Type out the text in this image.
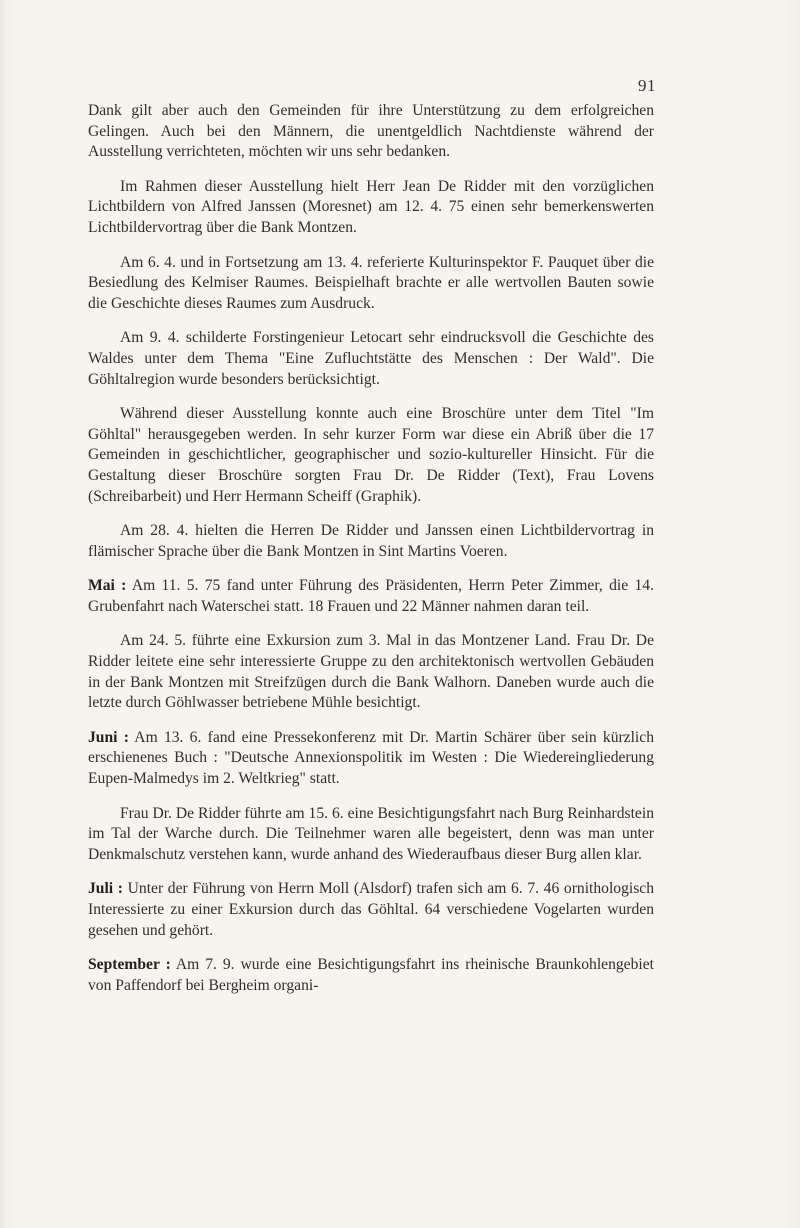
91

Dank gilt aber auch den Gemeinden für ihre Unterstützung zu dem erfolgreichen Gelingen. Auch bei den Männern, die unentgeldlich Nachtdienste während der Ausstellung verrichteten, möchten wir uns sehr bedanken.

Im Rahmen dieser Ausstellung hielt Herr Jean De Ridder mit den vorzüglichen Lichtbildern von Alfred Janssen (Moresnet) am 12. 4. 75 einen sehr bemerkenswerten Lichtbildervortrag über die Bank Montzen.

Am 6. 4. und in Fortsetzung am 13. 4. referierte Kulturinspektor F. Pauquet über die Besiedlung des Kelmiser Raumes. Beispielhaft brachte er alle wertvollen Bauten sowie die Geschichte dieses Raumes zum Ausdruck.

Am 9. 4. schilderte Forstingenieur Letocart sehr eindrucksvoll die Geschichte des Waldes unter dem Thema "Eine Zufluchtstätte des Menschen : Der Wald". Die Göhltalregion wurde besonders berücksichtigt.

Während dieser Ausstellung konnte auch eine Broschüre unter dem Titel "Im Göhltal" herausgegeben werden. In sehr kurzer Form war diese ein Abriß über die 17 Gemeinden in geschichtlicher, geographischer und sozio-kultureller Hinsicht. Für die Gestaltung dieser Broschüre sorgten Frau Dr. De Ridder (Text), Frau Lovens (Schreibarbeit) und Herr Hermann Scheiff (Graphik).

Am 28. 4. hielten die Herren De Ridder und Janssen einen Lichtbildervortrag in flämischer Sprache über die Bank Montzen in Sint Martins Voeren.

Mai : Am 11. 5. 75 fand unter Führung des Präsidenten, Herrn Peter Zimmer, die 14. Grubenfahrt nach Waterschei statt. 18 Frauen und 22 Männer nahmen daran teil.

Am 24. 5. führte eine Exkursion zum 3. Mal in das Montzener Land. Frau Dr. De Ridder leitete eine sehr interessierte Gruppe zu den architektonisch wertvollen Gebäuden in der Bank Montzen mit Streifzügen durch die Bank Walhorn. Daneben wurde auch die letzte durch Göhlwasser betriebene Mühle besichtigt.

Juni : Am 13. 6. fand eine Pressekonferenz mit Dr. Martin Schärer über sein kürzlich erschienenes Buch : "Deutsche Annexionspolitik im Westen : Die Wiedereingliederung Eupen-Malmedys im 2. Weltkrieg" statt.

Frau Dr. De Ridder führte am 15. 6. eine Besichtigungsfahrt nach Burg Reinhardstein im Tal der Warche durch. Die Teilnehmer waren alle begeistert, denn was man unter Denkmalschutz verstehen kann, wurde anhand des Wiederaufbaus dieser Burg allen klar.

Juli : Unter der Führung von Herrn Moll (Alsdorf) trafen sich am 6. 7. 46 ornithologisch Interessierte zu einer Exkursion durch das Göhltal. 64 verschiedene Vogelarten wurden gesehen und gehört.

September : Am 7. 9. wurde eine Besichtigungsfahrt ins rheinische Braunkohlengebiet von Paffendorf bei Bergheim organi-
